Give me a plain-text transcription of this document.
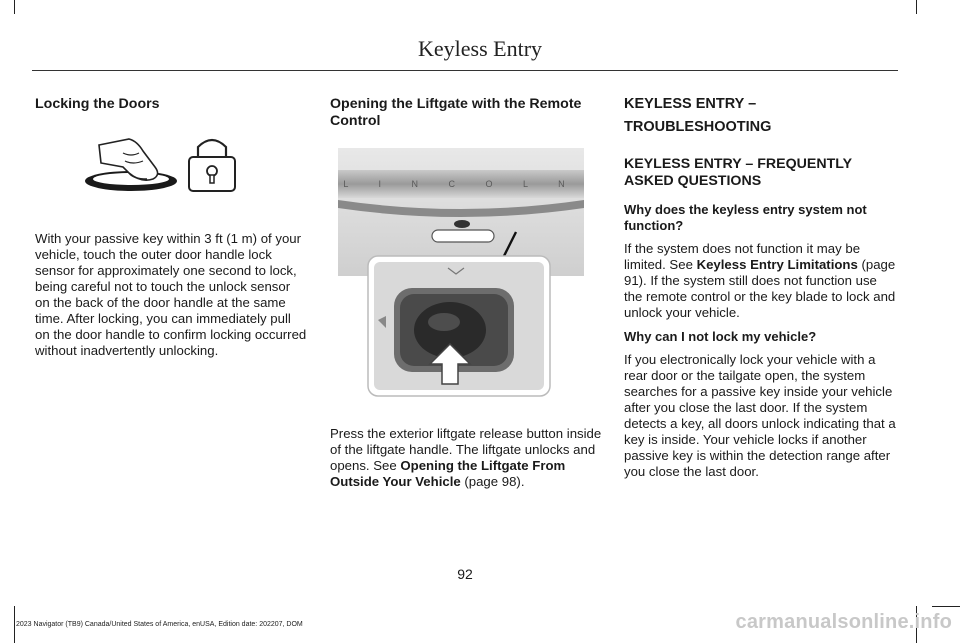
Keyless Entry

Locking the Doors

With your passive key within 3 ft (1 m) of your vehicle, touch the outer door handle lock sensor for approximately one second to lock, being careful not to touch the unlock sensor on the back of the door handle at the same time. After locking, you can immediately pull on the door handle to confirm locking occurred without inadvertently unlocking.

Opening the Liftgate with the Remote Control

L I N C O L N

Press the exterior liftgate release button inside of the liftgate handle. The liftgate unlocks and opens. See Opening the Liftgate From Outside Your Vehicle (page 98).

KEYLESS ENTRY –

TROUBLESHOOTING

KEYLESS ENTRY – FREQUENTLY ASKED QUESTIONS

Why does the keyless entry system not function?

If the system does not function it may be limited. See Keyless Entry Limitations (page 91). If the system still does not function use the remote control or the key blade to lock and unlock your vehicle.

Why can I not lock my vehicle?

If you electronically lock your vehicle with a rear door or the tailgate open, the system searches for a passive key inside your vehicle after you close the last door. If the system detects a key, all doors unlock indicating that a key is inside. Your vehicle locks if another passive key is within the detection range after you close the last door.

92
2023 Navigator (TB9) Canada/United States of America, enUSA, Edition date: 202207, DOM	carmanualsonline.info
